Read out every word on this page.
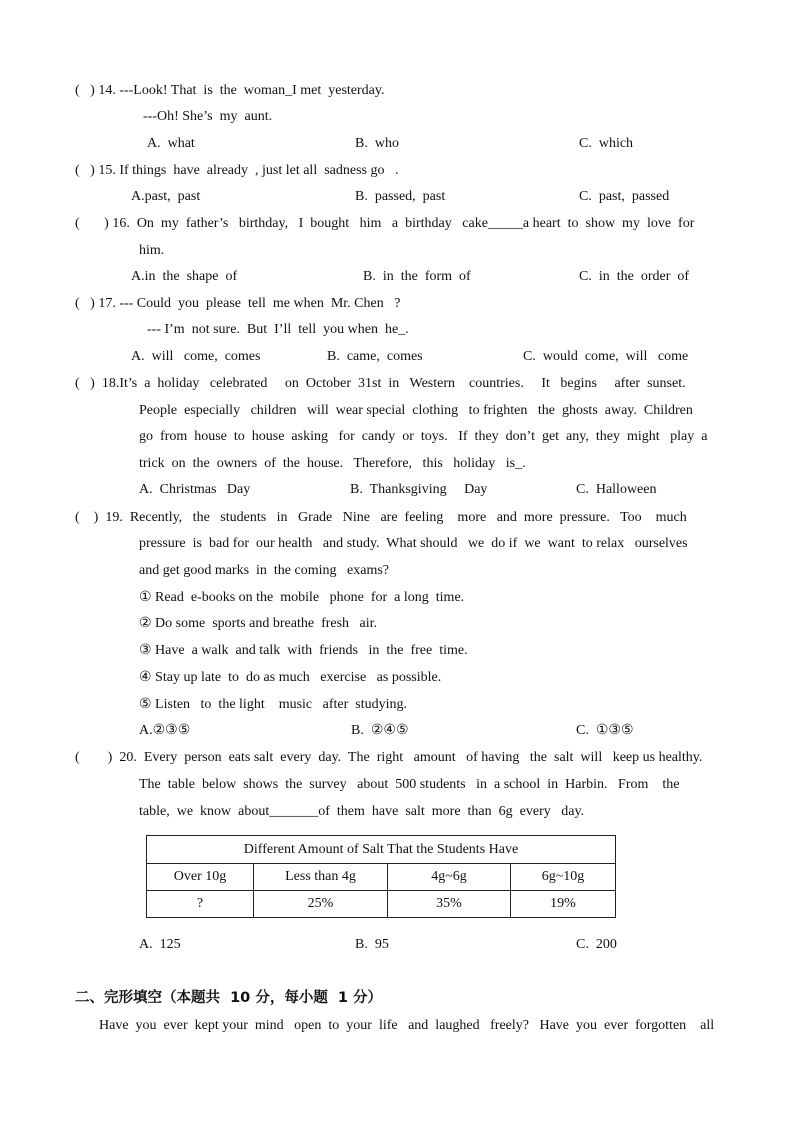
(   ) 14. ---Look! That  is  the  woman_I met  yesterday.
---Oh! She’s  my  aunt.
A.  what	B.  who	C.  which
(   ) 15. If things  have  already  , just let all  sadness go   .
A.past,  past	B.  passed,  past	C.  past,  passed
(       ) 16.  On  my  father’s   birthday,   I  bought   him   a  birthday   cake_____a heart  to  show  my  love  for
him.
A.in  the  shape  of	B.  in  the  form  of	C.  in  the  order  of
(   ) 17. --- Could  you  please  tell  me when  Mr. Chen   ?
--- I’m  not sure.  But  I’ll  tell  you when  he_.
A.  will   come,  comes	B.  came,  comes	C.  would  come,  will   come
(   )  18.It’s  a  holiday   celebrated     on  October  31st  in   Western    countries.     It   begins     after  sunset.
People  especially   children   will  wear special  clothing   to frighten   the  ghosts  away.  Children
go  from  house  to  house  asking   for  candy  or  toys.   If  they  don’t  get  any,  they  might   play  a
trick  on  the  owners  of  the  house.   Therefore,   this   holiday   is_.
A.  Christmas   Day	B.  Thanksgiving     Day	C.  Halloween
(    )  19.  Recently,   the   students   in   Grade   Nine   are  feeling    more   and  more  pressure.   Too    much
pressure  is  bad for  our health   and study.  What should   we  do if  we  want  to relax   ourselves
and get good marks  in  the coming   exams?
① Read  e-books on the  mobile   phone  for  a long  time.
② Do some  sports and breathe  fresh   air.
③ Have  a walk  and talk  with  friends   in  the  free  time.
④ Stay up late  to  do as much   exercise   as possible.
⑤ Listen   to  the light    music   after  studying.
A.②③⑤	B.  ②④⑤	C.  ①③⑤
(        )  20.  Every  person  eats salt  every  day.  The  right   amount   of having   the  salt  will   keep us healthy.
The  table  below  shows  the  survey   about  500 students   in  a school  in  Harbin.   From    the
table,  we  know  about_______of  them  have  salt  more  than  6g  every   day.
Different Amount of Salt That the Students Have			
Over 10g	Less than 4g	4g~6g	6g~10g
?	25%	35%	19%
A.  125	B.  95	C.  200
二、完形填空（本题共  10 分，每小题  1 分）
Have  you  ever  kept your  mind   open  to  your  life   and  laughed   freely?   Have  you  ever  forgotten    all
